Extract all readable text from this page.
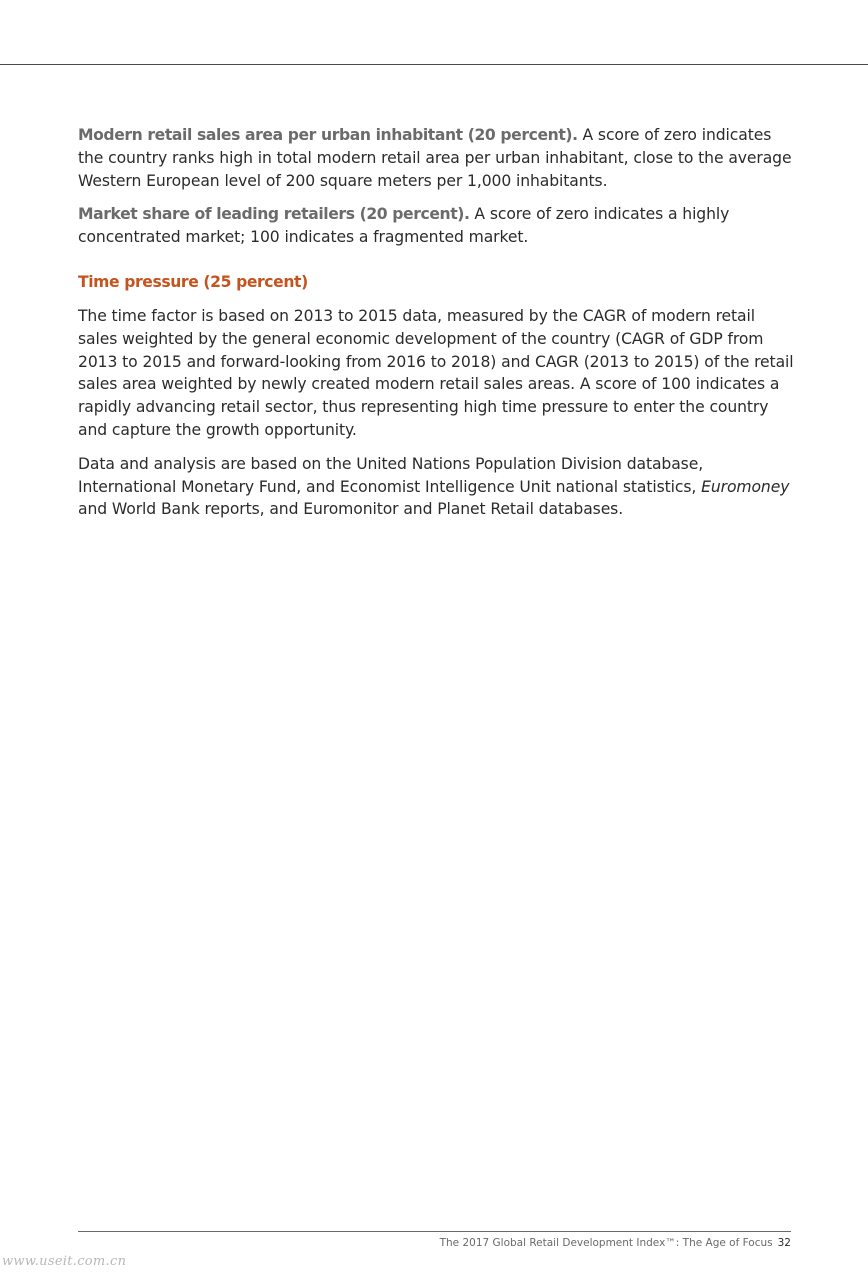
Modern retail sales area per urban inhabitant (20 percent). A score of zero indicates the country ranks high in total modern retail area per urban inhabitant, close to the average Western European level of 200 square meters per 1,000 inhabitants.

Market share of leading retailers (20 percent). A score of zero indicates a highly concentrated market; 100 indicates a fragmented market.

Time pressure (25 percent)

The time factor is based on 2013 to 2015 data, measured by the CAGR of modern retail sales weighted by the general economic development of the country (CAGR of GDP from 2013 to 2015 and forward-looking from 2016 to 2018) and CAGR (2013 to 2015) of the retail sales area weighted by newly created modern retail sales areas. A score of 100 indicates a rapidly advancing retail sector, thus representing high time pressure to enter the country and capture the growth opportunity.

Data and analysis are based on the United Nations Population Division database, International Monetary Fund, and Economist Intelligence Unit national statistics, Euromoney and World Bank reports, and Euromonitor and Planet Retail databases.

The 2017 Global Retail Development Index™: The Age of Focus 32
www.useit.com.cn
